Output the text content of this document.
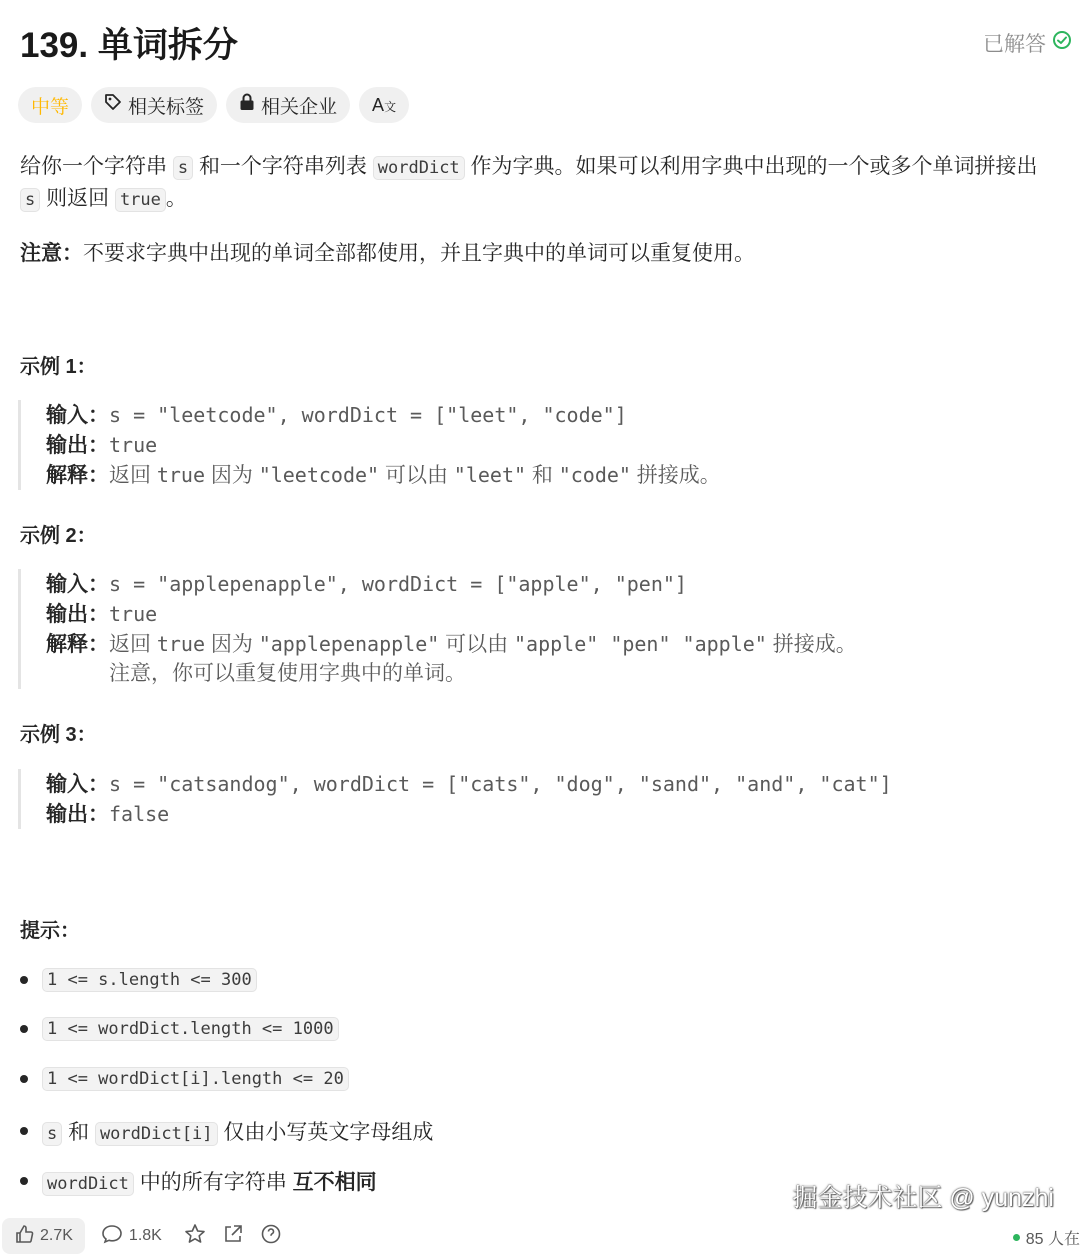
139. 单词拆分	已解答
中等	相关标签	相关企业 A文
给你一个字符串 s 和一个字符串列表 wordDict 作为字典。如果可以利用字典中出现的一个或多个单词拼接出
s 则返回 true 。
注意：不要求字典中出现的单词全部都使用，并且字典中的单词可以重复使用。
示例 1：
输入：s = "leetcode", wordDict = ["leet", "code"]
输出：true
解释：返回 true 因为 "leetcode" 可以由 "leet" 和 "code" 拼接成。
示例 2：
输入：s = "applepenapple", wordDict = ["apple", "pen"]
输出：true
解释：返回 true 因为 "applepenapple" 可以由 "apple" "pen" "apple" 拼接成。
注意，你可以重复使用字典中的单词。
示例 3：
输入：s = "catsandog", wordDict = ["cats", "dog", "sand", "and", "cat"]
输出：false
提示：
1 <= s.length <= 300
1 <= wordDict.length <= 1000
1 <= wordDict[i].length <= 20
s 和 wordDict[i] 仅由小写英文字母组成
wordDict 中的所有字符串 互不相同
掘金技术社区 @ yunzhi
2.7K	1.8K	85 人在
